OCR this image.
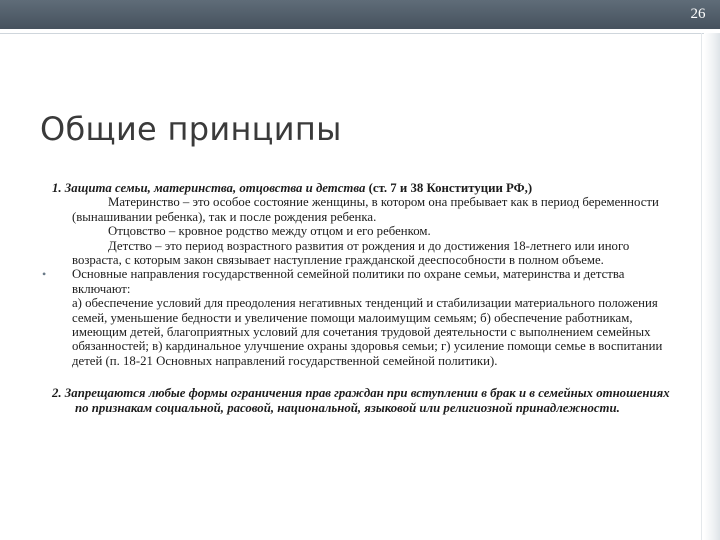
26
Общие принципы
1. Защита семьи, материнства, отцовства и детства (ст. 7 и 38 Конституции РФ,)
Материнство – это особое состояние женщины, в котором она пребывает как в период беременности (вынашивании ребенка), так и после рождения ребенка.
Отцовство – кровное родство между отцом и его ребенком.
Детство – это период возрастного развития от рождения и до достижения 18-летнего или иного возраста, с которым закон связывает наступление гражданской дееспособности в полном объеме.
• Основные направления государственной семейной политики по охране семьи, материнства и детства включают:
а) обеспечение условий для преодоления негативных тенденций и стабилизации материального положения семей, уменьшение бедности и увеличение помощи малоимущим семьям; б) обеспечение работникам, имеющим детей, благоприятных условий для сочетания трудовой деятельности с выполнением семейных обязанностей; в) кардинальное улучшение охраны здоровья семьи; г) усиление помощи семье в воспитании детей (п. 18-21 Основных направлений государственной семейной политики).
2. Запрещаются любые формы ограничения прав граждан при вступлении в брак и в семейных отношениях по признакам социальной, расовой, национальной, языковой или религиозной принадлежности.
